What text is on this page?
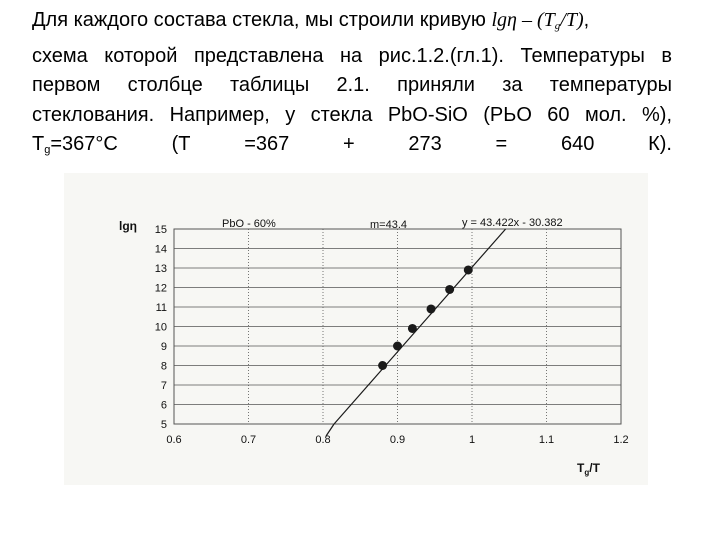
Для каждого состава стекла, мы строили кривую lgη – $(T_g/T)$,
схема которой представлена на рис.1.2.(гл.1). Температуры в
первом столбце таблицы 2.1. приняли за температуры
стеклования. Например, у стекла PbO-SiO (PЬO 60 мол. %),
$T_g=367^\circ C$	(T	=367	+	273	=	640	К).
5
6
7
8
9
10
11
12
13
14
15
0.6	0.7	0.8	0.9	1	1.1	1.2
lgη
$T_g/T$
PbO - 60%	m=43.4	y = 43.422x - 30.382
